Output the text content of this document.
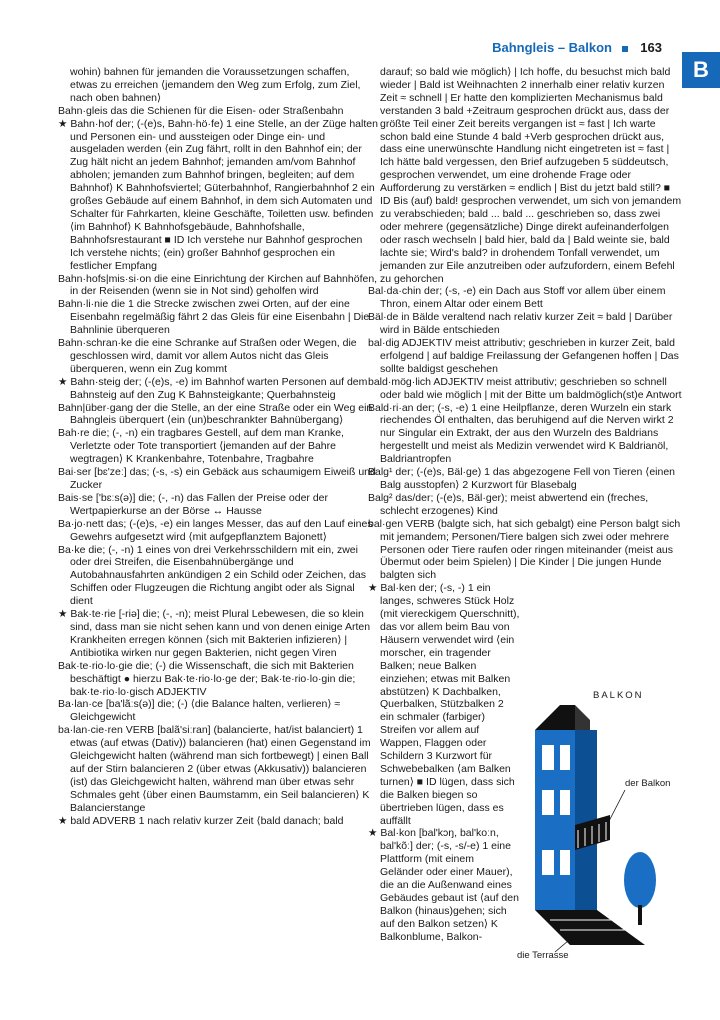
Bahngleis – Balkon 163
B

wohin) bahnen für jemanden die Voraussetzungen schaffen, etwas zu erreichen ⟨jemandem den Weg zum Erfolg, zum Ziel, nach oben bahnen⟩

Bahn·gleis das die Schienen für die Eisen- oder Straßenbahn

★ Bahn·hof der; (-(e)s, Bahn·hö·fe) 1 eine Stelle, an der Züge halten und Personen ein- und aussteigen oder Dinge ein- und ausgeladen werden ⟨ein Zug fährt, rollt in den Bahnhof ein; der Zug hält nicht an jedem Bahnhof; jemanden am/vom Bahnhof abholen; jemanden zum Bahnhof bringen, begleiten; auf dem Bahnhof⟩ K Bahnhofsviertel; Güterbahnhof, Rangierbahnhof 2 ein großes Gebäude auf einem Bahnhof, in dem sich Automaten und Schalter für Fahrkarten, kleine Geschäfte, Toiletten usw. befinden ⟨im Bahnhof⟩ K Bahnhofsgebäude, Bahnhofshalle, Bahnhofsrestaurant ■ ID Ich verstehe nur Bahnhof gesprochen Ich verstehe nichts; (ein) großer Bahnhof gesprochen ein festlicher Empfang

Bahn·hofs|mis·si·on die eine Einrichtung der Kirchen auf Bahnhöfen, in der Reisenden (wenn sie in Not sind) geholfen wird

Bahn·li·nie die 1 die Strecke zwischen zwei Orten, auf der eine Eisenbahn regelmäßig fährt 2 das Gleis für eine Eisenbahn | Die Bahnlinie überqueren

Bahn·schran·ke die eine Schranke auf Straßen oder Wegen, die geschlossen wird, damit vor allem Autos nicht das Gleis überqueren, wenn ein Zug kommt

★ Bahn·steig der; (-(e)s, -e) im Bahnhof warten Personen auf dem Bahnsteig auf den Zug K Bahnsteigkante; Querbahnsteig

Bahn|über·gang der die Stelle, an der eine Straße oder ein Weg ein Bahngleis überquert ⟨ein (un)beschrankter Bahnübergang⟩

Bah·re die; (-, -n) ein tragbares Gestell, auf dem man Kranke, Verletzte oder Tote transportiert ⟨jemanden auf der Bahre wegtragen⟩ K Krankenbahre, Totenbahre, Tragbahre

Bai·ser [bɛ'zeː] das; (-s, -s) ein Gebäck aus schaumigem Eiweiß und Zucker

Bais·se ['bɛːs(ə)] die; (-, -n) das Fallen der Preise oder der Wertpapierkurse an der Börse ↔ Hausse

Ba·jo·nett das; (-(e)s, -e) ein langes Messer, das auf den Lauf eines Gewehrs aufgesetzt wird ⟨mit aufgepflanztem Bajonett⟩

Ba·ke die; (-, -n) 1 eines von drei Verkehrsschildern mit ein, zwei oder drei Streifen, die Eisenbahnübergänge und Autobahnausfahrten ankündigen 2 ein Schild oder Zeichen, das Schiffen oder Flugzeugen die Richtung angibt oder als Signal dient

★ Bak·te·rie [-riə] die; (-, -n); meist Plural Lebewesen, die so klein sind, dass man sie nicht sehen kann und von denen einige Arten Krankheiten erregen können ⟨sich mit Bakterien infizieren⟩ | Antibiotika wirken nur gegen Bakterien, nicht gegen Viren

Bak·te·rio·lo·gie die; (-) die Wissenschaft, die sich mit Bakterien beschäftigt ● hierzu Bak·te·rio·lo·ge der; Bak·te·rio·lo·gin die; bak·te·rio·lo·gisch ADJEKTIV

Ba·lan·ce [ba'lãːs(ə)] die; (-) ⟨die Balance halten, verlieren⟩ ≈ Gleichgewicht

ba·lan·cie·ren VERB [balã'siːran] (balancierte, hat/ist balanciert) 1 etwas (auf etwas (Dativ)) balancieren (hat) einen Gegenstand im Gleichgewicht halten (während man sich fortbewegt) | einen Ball auf der Stirn balancieren 2 (über etwas (Akkusativ)) balancieren (ist) das Gleichgewicht halten, während man über etwas sehr Schmales geht ⟨über einen Baumstamm, ein Seil balancieren⟩ K Balancierstange

★ bald ADVERB 1 nach relativ kurzer Zeit ⟨bald danach; bald

darauf; so bald wie möglich⟩ | Ich hoffe, du besuchst mich bald wieder | Bald ist Weihnachten 2 innerhalb einer relativ kurzen Zeit ≈ schnell | Er hatte den komplizierten Mechanismus bald verstanden 3 bald +Zeitraum gesprochen drückt aus, dass der größte Teil einer Zeit bereits vergangen ist ≈ fast | Ich warte schon bald eine Stunde 4 bald +Verb gesprochen drückt aus, dass eine unerwünschte Handlung nicht eingetreten ist ≈ fast | Ich hätte bald vergessen, den Brief aufzugeben 5 süddeutsch, gesprochen verwendet, um eine drohende Frage oder Aufforderung zu verstärken ≈ endlich | Bist du jetzt bald still? ■ ID Bis (auf) bald! gesprochen verwendet, um sich von jemandem zu verabschieden; bald ... bald ... geschrieben so, dass zwei oder mehrere (gegensätzliche) Dinge direkt aufeinanderfolgen oder rasch wechseln | bald hier, bald da | Bald weinte sie, bald lachte sie; Wird's bald? in drohendem Tonfall verwendet, um jemanden zur Eile anzutreiben oder aufzufordern, einem Befehl zu gehorchen

Bal·da·chin der; (-s, -e) ein Dach aus Stoff vor allem über einem Thron, einem Altar oder einem Bett

Bäl·de in Bälde veraltend nach relativ kurzer Zeit ≈ bald | Darüber wird in Bälde entschieden

bal·dig ADJEKTIV meist attributiv; geschrieben in kurzer Zeit, bald erfolgend | auf baldige Freilassung der Gefangenen hoffen | Das sollte baldigst geschehen

bald·mög·lich ADJEKTIV meist attributiv; geschrieben so schnell oder bald wie möglich | mit der Bitte um baldmöglich(st)e Antwort

Bald·ri·an der; (-s, -e) 1 eine Heilpflanze, deren Wurzeln ein stark riechendes Öl enthalten, das beruhigend auf die Nerven wirkt 2 nur Singular ein Extrakt, der aus den Wurzeln des Baldrians hergestellt und meist als Medizin verwendet wird K Baldrianöl, Baldriantropfen

Balg¹ der; (-(e)s, Bäl·ge) 1 das abgezogene Fell von Tieren ⟨einen Balg ausstopfen⟩ 2 Kurzwort für Blasebalg

Balg² das/der; (-(e)s, Bäl·ger); meist abwertend ein (freches, schlecht erzogenes) Kind

bal·gen VERB (balgte sich, hat sich gebalgt) eine Person balgt sich mit jemandem; Personen/Tiere balgen sich zwei oder mehrere Personen oder Tiere raufen oder ringen miteinander (meist aus Übermut oder beim Spielen) | Die Kinder | Die jungen Hunde balgten sich

★ Bal·ken der; (-s, -) 1 ein langes, schweres Stück Holz (mit viereckigem Querschnitt), das vor allem beim Bau von Häusern verwendet wird ⟨ein morscher, ein tragender Balken; neue Balken einziehen; etwas mit Balken abstützen⟩ K Dachbalken, Querbalken, Stützbalken 2 ein schmaler (farbiger) Streifen vor allem auf Wappen, Flaggen oder Schildern 3 Kurzwort für Schwebebalken ⟨am Balken turnen⟩ ■ ID lügen, dass sich die Balken biegen so übertrieben lügen, dass es auffällt

★ Bal·kon [bal'kɔŋ, bal'koːn, bal'kõː] der; (-s, -s/-e) 1 eine Plattform (mit einem Geländer oder einer Mauer), die an die Außenwand eines Gebäudes gebaut ist ⟨auf den Balkon (hinaus)gehen; sich auf den Balkon setzen⟩ K Balkonblume, Balkon-

BALKON
der Balkon
die Terrasse
